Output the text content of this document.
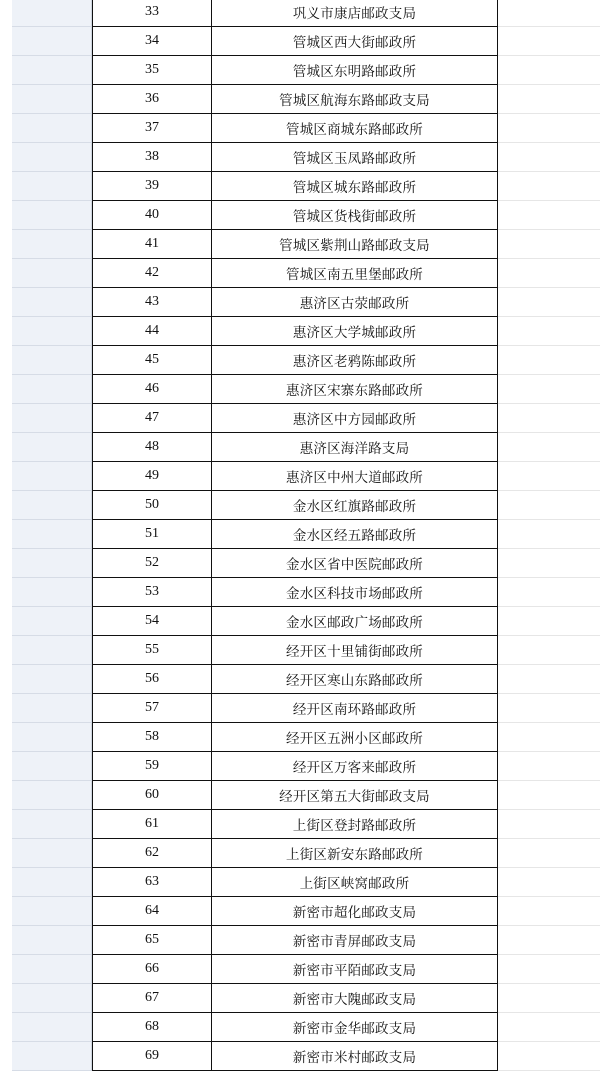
33	巩义市康店邮政支局
34	管城区西大街邮政所
35	管城区东明路邮政所
36	管城区航海东路邮政支局
37	管城区商城东路邮政所
38	管城区玉凤路邮政所
39	管城区城东路邮政所
40	管城区货栈街邮政所
41	管城区紫荆山路邮政支局
42	管城区南五里堡邮政所
43	惠济区古荥邮政所
44	惠济区大学城邮政所
45	惠济区老鸦陈邮政所
46	惠济区宋寨东路邮政所
47	惠济区中方园邮政所
48	惠济区海洋路支局
49	惠济区中州大道邮政所
50	金水区红旗路邮政所
51	金水区经五路邮政所
52	金水区省中医院邮政所
53	金水区科技市场邮政所
54	金水区邮政广场邮政所
55	经开区十里铺街邮政所
56	经开区寒山东路邮政所
57	经开区南环路邮政所
58	经开区五洲小区邮政所
59	经开区万客来邮政所
60	经开区第五大街邮政支局
61	上街区登封路邮政所
62	上街区新安东路邮政所
63	上街区峡窝邮政所
64	新密市超化邮政支局
65	新密市青屏邮政支局
66	新密市平陌邮政支局
67	新密市大隗邮政支局
68	新密市金华邮政支局
69	新密市米村邮政支局
